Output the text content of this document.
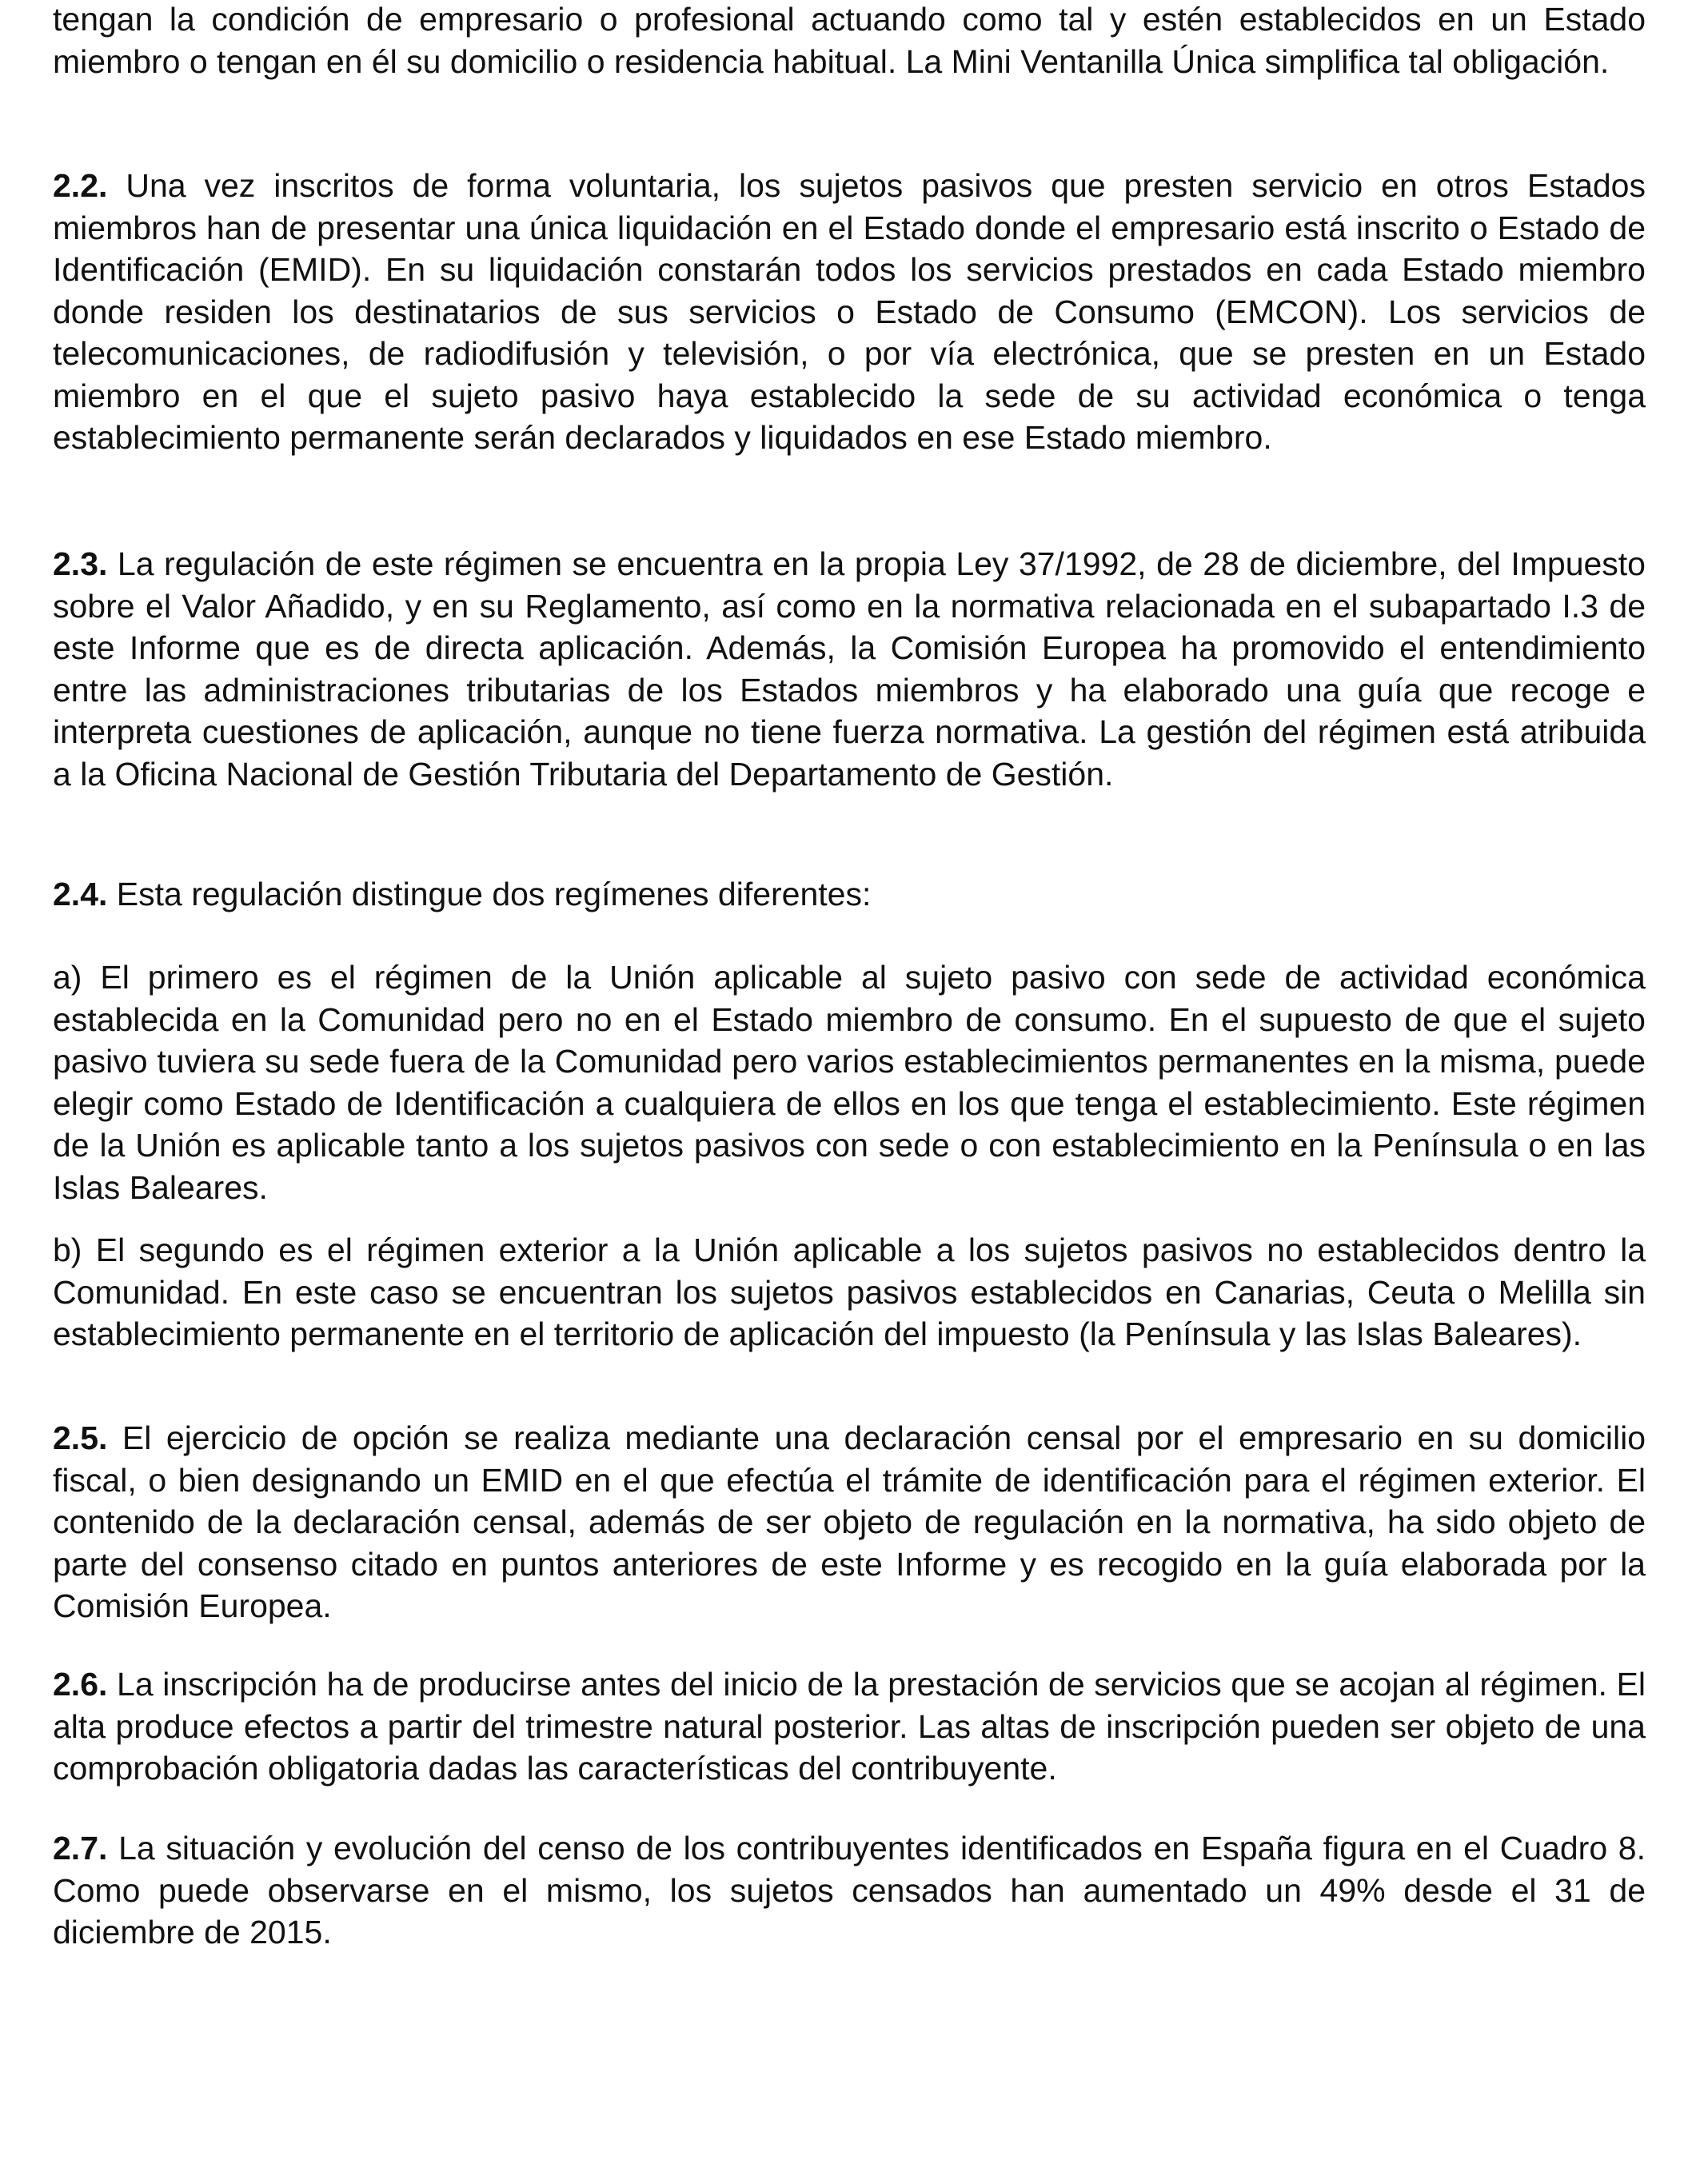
tengan la condición de empresario o profesional actuando como tal y estén establecidos en un Estado miembro o tengan en él su domicilio o residencia habitual. La Mini Ventanilla Única simplifica tal obligación.

2.2. Una vez inscritos de forma voluntaria, los sujetos pasivos que presten servicio en otros Estados miembros han de presentar una única liquidación en el Estado donde el empresario está inscrito o Estado de Identificación (EMID). En su liquidación constarán todos los servicios prestados en cada Estado miembro donde residen los destinatarios de sus servicios o Estado de Consumo (EMCON). Los servicios de telecomunicaciones, de radiodifusión y televisión, o por vía electrónica, que se presten en un Estado miembro en el que el sujeto pasivo haya establecido la sede de su actividad económica o tenga establecimiento permanente serán declarados y liquidados en ese Estado miembro.

2.3. La regulación de este régimen se encuentra en la propia Ley 37/1992, de 28 de diciembre, del Impuesto sobre el Valor Añadido, y en su Reglamento, así como en la normativa relacionada en el subapartado I.3 de este Informe que es de directa aplicación. Además, la Comisión Europea ha promovido el entendimiento entre las administraciones tributarias de los Estados miembros y ha elaborado una guía que recoge e interpreta cuestiones de aplicación, aunque no tiene fuerza normativa. La gestión del régimen está atribuida a la Oficina Nacional de Gestión Tributaria del Departamento de Gestión.

2.4. Esta regulación distingue dos regímenes diferentes:

a) El primero es el régimen de la Unión aplicable al sujeto pasivo con sede de actividad económica establecida en la Comunidad pero no en el Estado miembro de consumo. En el supuesto de que el sujeto pasivo tuviera su sede fuera de la Comunidad pero varios establecimientos permanentes en la misma, puede elegir como Estado de Identificación a cualquiera de ellos en los que tenga el establecimiento. Este régimen de la Unión es aplicable tanto a los sujetos pasivos con sede o con establecimiento en la Península o en las Islas Baleares.

b) El segundo es el régimen exterior a la Unión aplicable a los sujetos pasivos no establecidos dentro la Comunidad. En este caso se encuentran los sujetos pasivos establecidos en Canarias, Ceuta o Melilla sin establecimiento permanente en el territorio de aplicación del impuesto (la Península y las Islas Baleares).

2.5. El ejercicio de opción se realiza mediante una declaración censal por el empresario en su domicilio fiscal, o bien designando un EMID en el que efectúa el trámite de identificación para el régimen exterior. El contenido de la declaración censal, además de ser objeto de regulación en la normativa, ha sido objeto de parte del consenso citado en puntos anteriores de este Informe y es recogido en la guía elaborada por la Comisión Europea.

2.6. La inscripción ha de producirse antes del inicio de la prestación de servicios que se acojan al régimen. El alta produce efectos a partir del trimestre natural posterior. Las altas de inscripción pueden ser objeto de una comprobación obligatoria dadas las características del contribuyente.

2.7. La situación y evolución del censo de los contribuyentes identificados en España figura en el Cuadro 8. Como puede observarse en el mismo, los sujetos censados han aumentado un 49% desde el 31 de diciembre de 2015.
